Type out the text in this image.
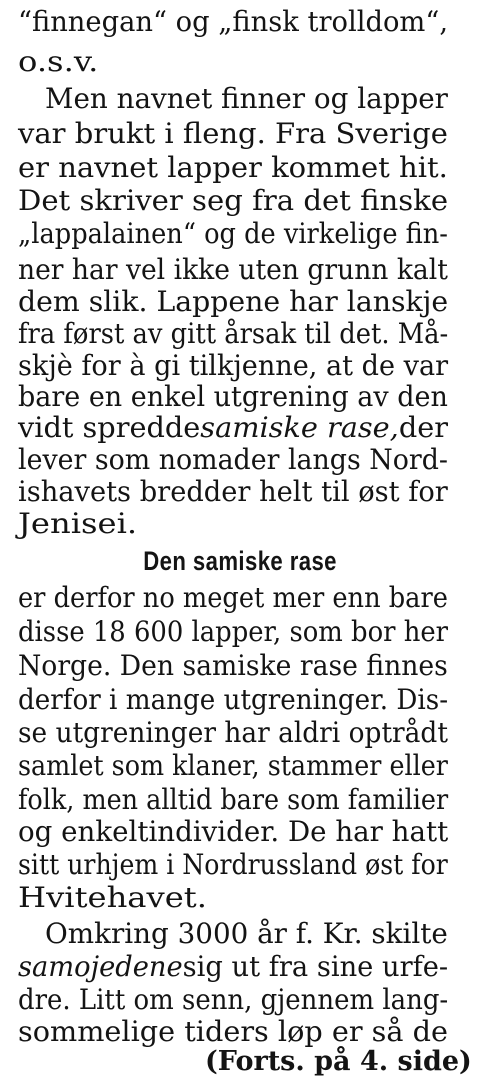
“finnegan“ og „finsk trolldom“,
o.s.v.
Men navnet finner og lapper
var brukt i fleng. Fra Sverige
er navnet lapper kommet hit.
Det skriver seg fra det finske
„lappalainen“ og de virkelige fin-
ner har vel ikke uten grunn kalt
dem slik. Lappene har lanskje
fra først av gitt årsak til det. Må-
skjè for à gi tilkjenne, at de var
bare en enkel utgrening av den
vidt spreddesamiske rase,der
lever som nomader langs Nord-
ishavets bredder helt til øst for
Jenisei.
Den samiske rase
er derfor no meget mer enn bare
disse 18 600 lapper, som bor her
Norge. Den samiske rase finnes
derfor i mange utgreninger. Dis-
se utgreninger har aldri optrådt
samlet som klaner, stammer eller
folk, men alltid bare som familier
og enkeltindivider. De har hatt
sitt urhjem i Nordrussland øst for
Hvitehavet.
Omkring 3000 år f. Kr. skilte
samojedenesig ut fra sine urfe-
dre. Litt om senn, gjennem lang-
sommelige tiders løp er så de
(Forts. på 4. side)
